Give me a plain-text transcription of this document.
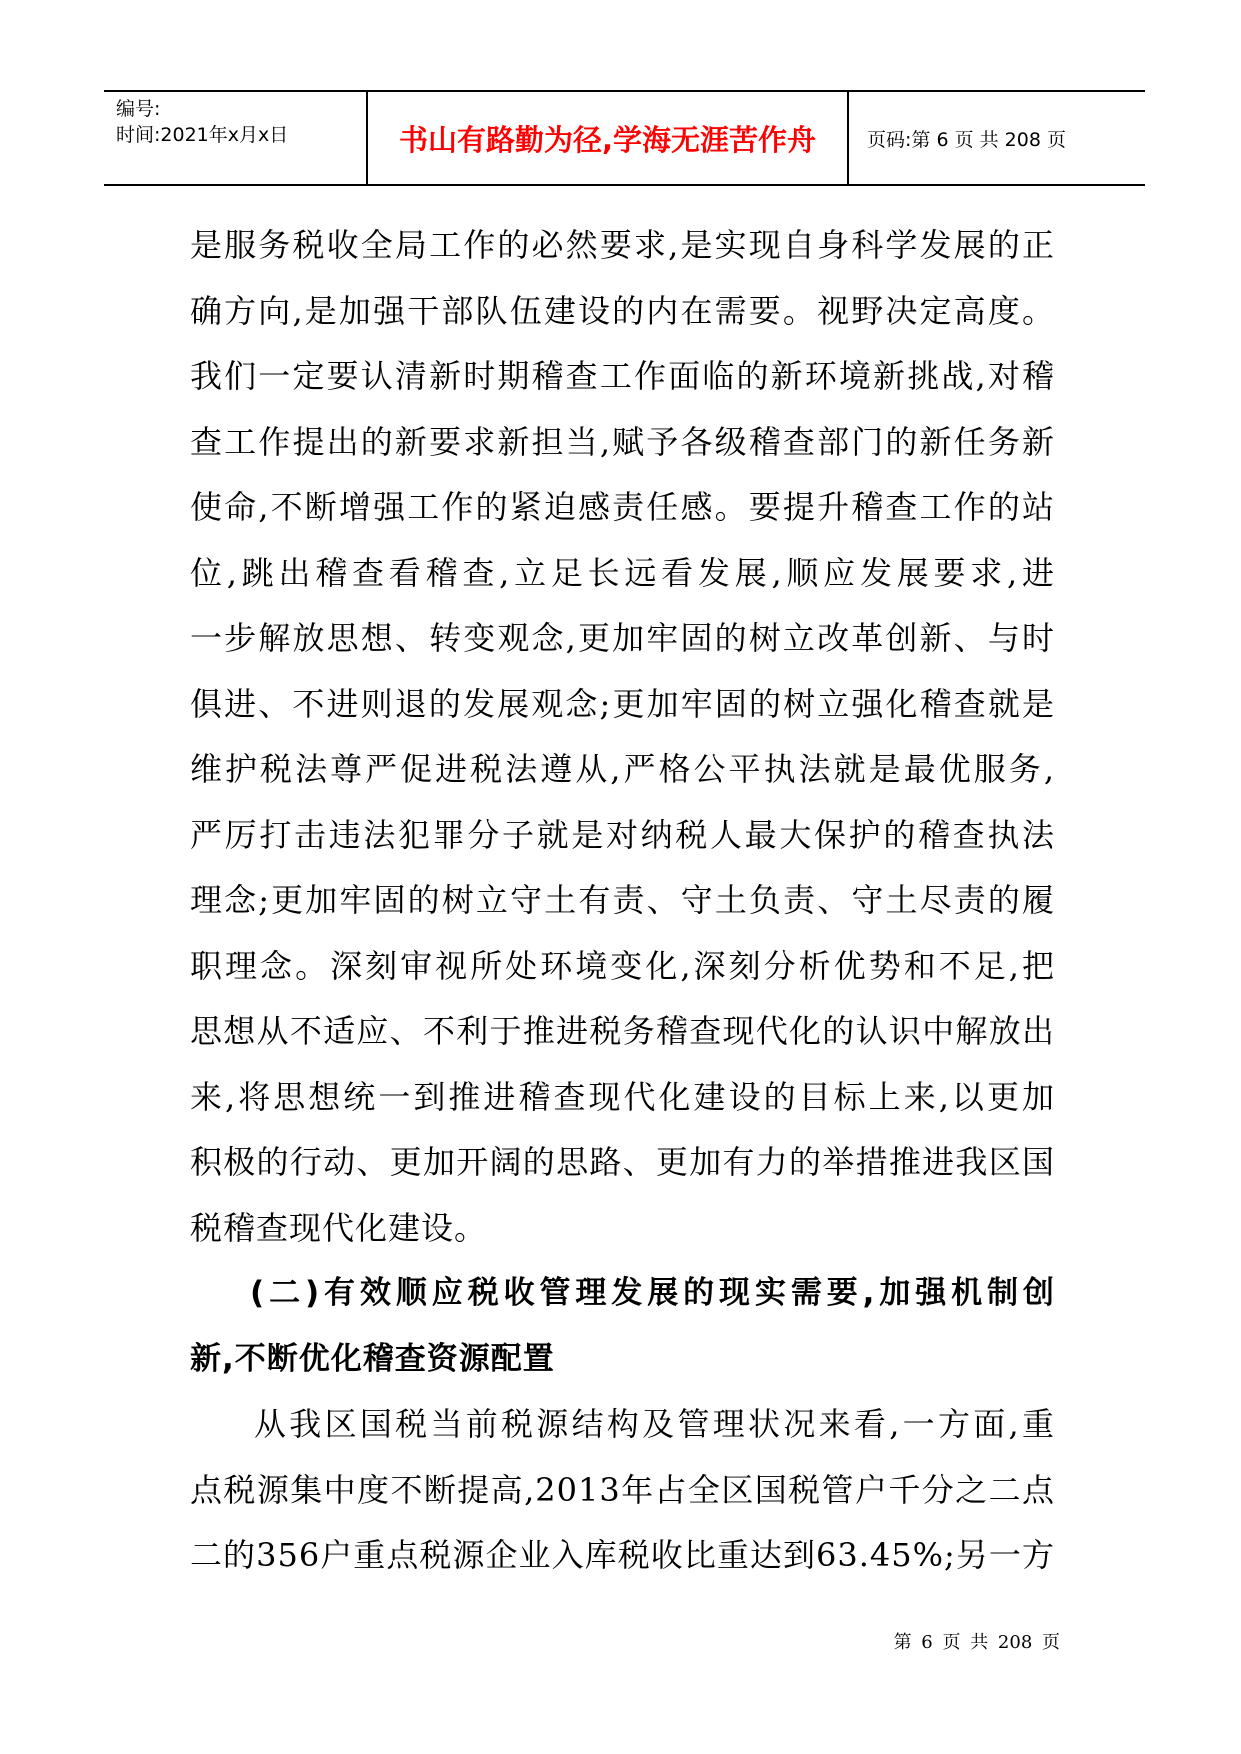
编号:
时间:2021年x月x日	书山有路勤为径,学海无涯苦作舟	页码:第 6 页 共 208 页
是服务税收全局工作的必然要求,是实现自身科学发展的正
确方向,是加强干部队伍建设的内在需要。视野决定高度。
我们一定要认清新时期稽查工作面临的新环境新挑战,对稽
查工作提出的新要求新担当,赋予各级稽查部门的新任务新
使命,不断增强工作的紧迫感责任感。要提升稽查工作的站
位,跳出稽查看稽查,立足长远看发展,顺应发展要求,进
一步解放思想、转变观念,更加牢固的树立改革创新、与时
俱进、不进则退的发展观念;更加牢固的树立强化稽查就是
维护税法尊严促进税法遵从,严格公平执法就是最优服务,
严厉打击违法犯罪分子就是对纳税人最大保护的稽查执法
理念;更加牢固的树立守土有责、守土负责、守土尽责的履
职理念。深刻审视所处环境变化,深刻分析优势和不足,把
思想从不适应、不利于推进税务稽查现代化的认识中解放出
来,将思想统一到推进稽查现代化建设的目标上来,以更加
积极的行动、更加开阔的思路、更加有力的举措推进我区国
税稽查现代化建设。
(二)有效顺应税收管理发展的现实需要,加强机制创
新,不断优化稽查资源配置
从我区国税当前税源结构及管理状况来看,一方面,重
点税源集中度不断提高,2013年占全区国税管户千分之二点
二的356户重点税源企业入库税收比重达到63.45%;另一方
第 6 页 共 208 页
